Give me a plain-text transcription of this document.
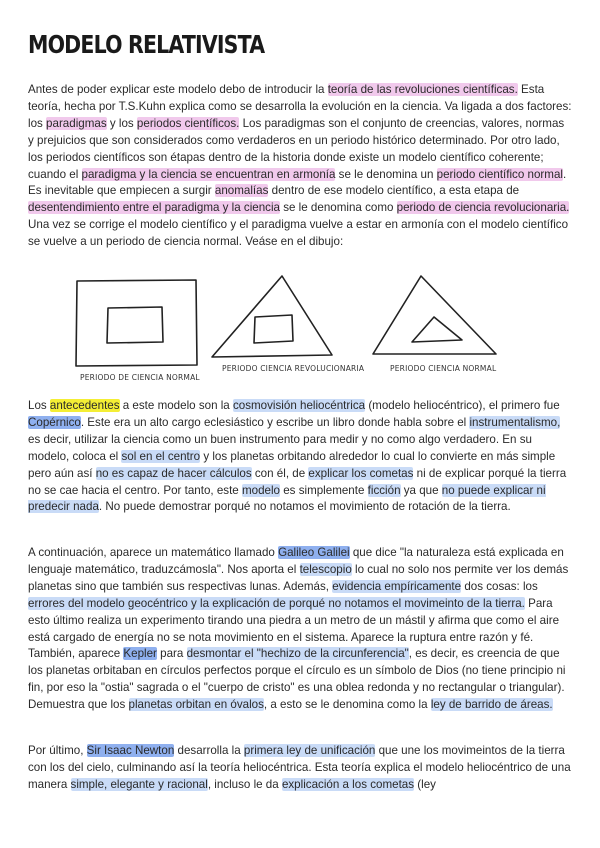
MODELO RELATIVISTA

Antes de poder explicar este modelo debo de introducir la teoría de las revoluciones científicas. Esta teoría, hecha por T.S.Kuhn explica como se desarrolla la evolución en la ciencia. Va ligada a dos factores: los paradigmas y los periodos científicos. Los paradigmas son el conjunto de creencias, valores, normas y prejuicios que son considerados como verdaderos en un periodo histórico determinado. Por otro lado, los periodos científicos son étapas dentro de la historia donde existe un modelo científico coherente; cuando el paradigma y la ciencia se encuentran en armonía se le denomina un periodo científico normal. Es inevitable que empiecen a surgir anomalías dentro de ese modelo científico, a esta etapa de desentendimiento entre el paradigma y la ciencia se le denomina como periodo de ciencia revolucionaria. Una vez se corrige el modelo científico y el paradigma vuelve a estar en armonía con el modelo científico se vuelve a un periodo de ciencia normal. Veáse en el dibujo:

PERIODO DE CIENCIA NORMAL
PERIODO CIENCIA REVOLUCIONARIA	PERIODO CIENCIA NORMAL

Los antecedentes a este modelo son la cosmovisión heliocéntrica (modelo heliocéntrico), el primero fue Copérnico. Este era un alto cargo eclesiástico y escribe un libro donde habla sobre el instrumentalismo, es decir, utilizar la ciencia como un buen instrumento para medir y no como algo verdadero. En su modelo, coloca el sol en el centro y los planetas orbitando alrededor lo cual lo convierte en más simple pero aún así no es capaz de hacer cálculos con él, de explicar los cometas ni de explicar porqué la tierra no se cae hacia el centro. Por tanto, este modelo es simplemente ficción ya que no puede explicar ni predecir nada. No puede demostrar porqué no notamos el movimiento de rotación de la tierra.

A continuación, aparece un matemático llamado Galileo Galilei que dice "la naturaleza está explicada en lenguaje matemático, traduzcámosla". Nos aporta el telescopio lo cual no solo nos permite ver los demás planetas sino que también sus respectivas lunas. Además, evidencia empíricamente dos cosas: los errores del modelo geocéntrico y la explicación de porqué no notamos el movimeinto de la tierra. Para esto último realiza un experimento tirando una piedra a un metro de un mástil y afirma que como el aire está cargado de energía no se nota movimiento en el sistema. Aparece la ruptura entre razón y fé. También, aparece Kepler para desmontar el "hechizo de la circunferencia", es decir, es creencia de que los planetas orbitaban en círculos perfectos porque el círculo es un símbolo de Dios (no tiene principio ni fin, por eso la "ostia" sagrada o el "cuerpo de cristo" es una oblea redonda y no rectangular o triangular). Demuestra que los planetas orbitan en óvalos, a esto se le denomina como la ley de barrido de áreas.

Por último, Sir Isaac Newton desarrolla la primera ley de unificación que une los movimeintos de la tierra con los del cielo, culminando así la teoría heliocéntrica. Esta teoría explica el modelo heliocéntrico de una manera simple, elegante y racional, incluso le da explicación a los cometas (ley
